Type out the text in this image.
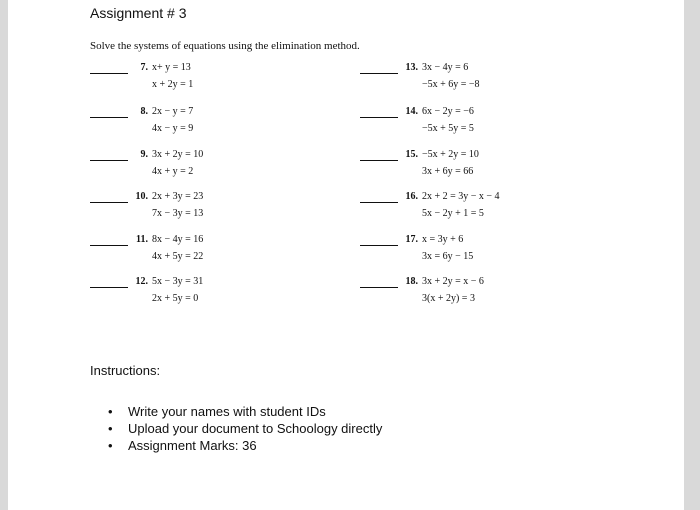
Assignment # 3
Solve the systems of equations using the elimination method.
7. x+ y = 13
x + 2y = 1
8. 2x − y = 7
4x − y = 9
9. 3x + 2y = 10
4x + y = 2
10. 2x + 3y = 23
7x − 3y = 13
11. 8x − 4y = 16
4x + 5y = 22
12. 5x − 3y = 31
2x + 5y = 0
13. 3x − 4y = 6
−5x + 6y = −8
14. 6x − 2y = −6
−5x + 5y = 5
15. −5x + 2y = 10
3x + 6y = 66
16. 2x + 2 = 3y − x − 4
5x − 2y + 1 = 5
17. x = 3y + 6
3x = 6y − 15
18. 3x + 2y = x − 6
3(x + 2y) = 3
Instructions:
• Write your names with student IDs
• Upload your document to Schoology directly
• Assignment Marks: 36
